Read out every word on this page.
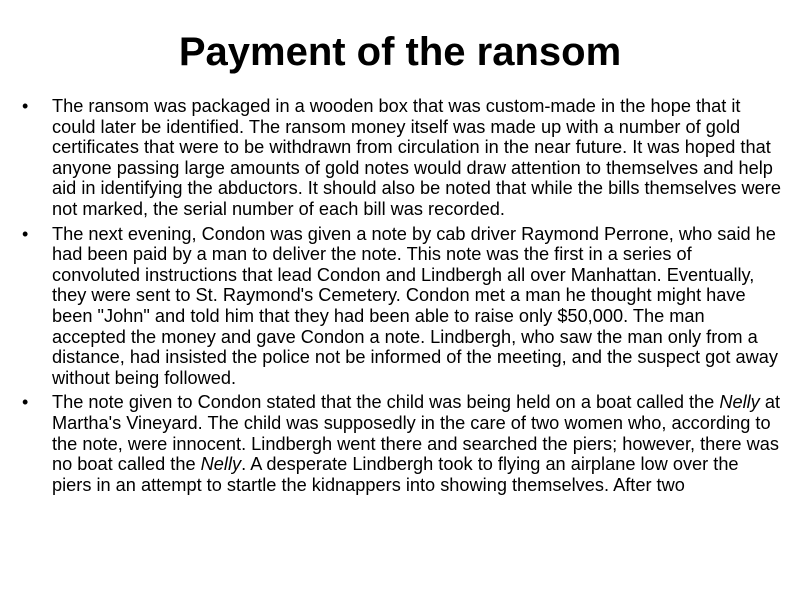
Payment of the ransom
• The ransom was packaged in a wooden box that was custom-made in the hope that it could later be identified. The ransom money itself was made up with a number of gold certificates that were to be withdrawn from circulation in the near future. It was hoped that anyone passing large amounts of gold notes would draw attention to themselves and help aid in identifying the abductors. It should also be noted that while the bills themselves were not marked, the serial number of each bill was recorded.
• The next evening, Condon was given a note by cab driver Raymond Perrone, who said he had been paid by a man to deliver the note. This note was the first in a series of convoluted instructions that lead Condon and Lindbergh all over Manhattan. Eventually, they were sent to St. Raymond's Cemetery. Condon met a man he thought might have been "John" and told him that they had been able to raise only $50,000. The man accepted the money and gave Condon a note. Lindbergh, who saw the man only from a distance, had insisted the police not be informed of the meeting, and the suspect got away without being followed.
• The note given to Condon stated that the child was being held on a boat called the Nelly at Martha's Vineyard. The child was supposedly in the care of two women who, according to the note, were innocent. Lindbergh went there and searched the piers; however, there was no boat called the Nelly. A desperate Lindbergh took to flying an airplane low over the piers in an attempt to startle the kidnappers into showing themselves. After two
